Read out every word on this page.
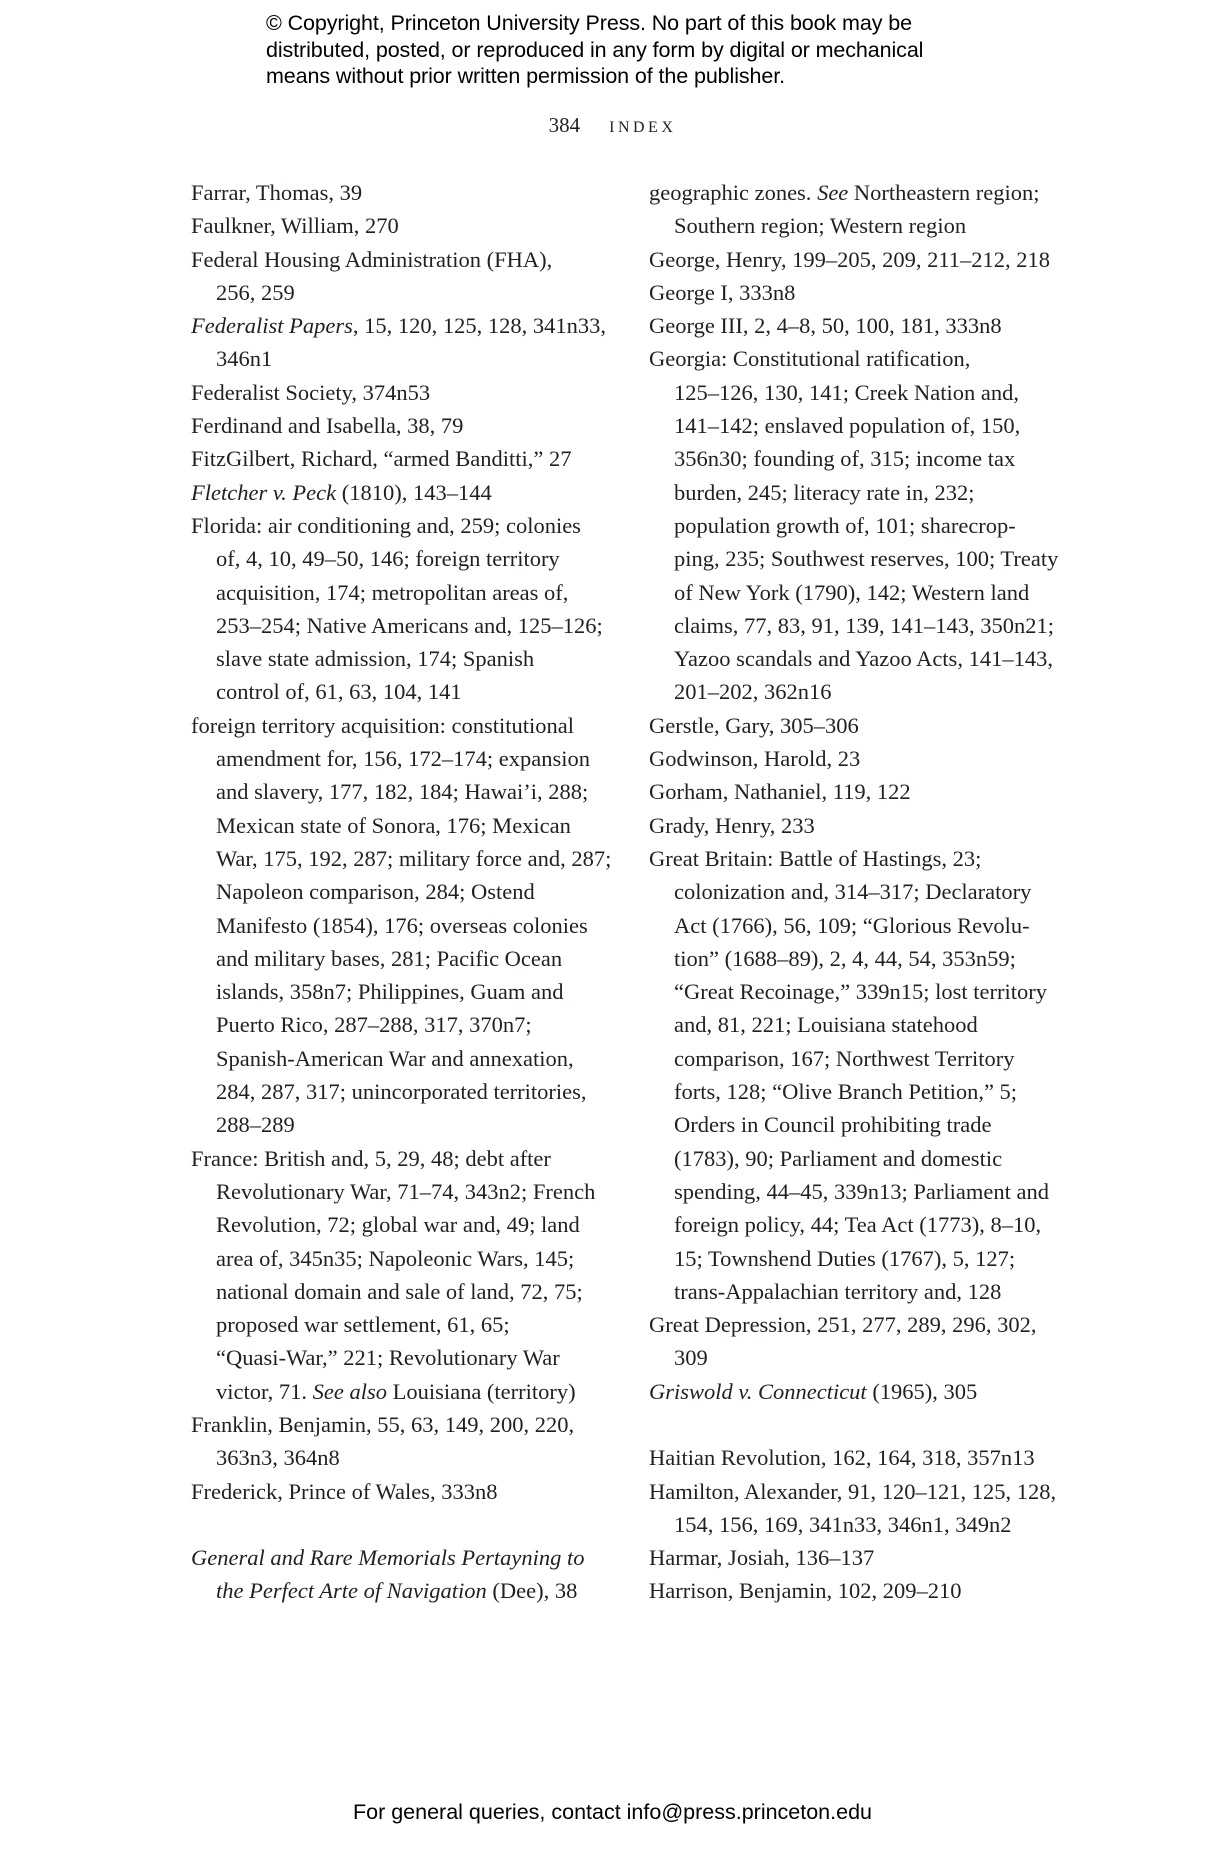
© Copyright, Princeton University Press. No part of this book may be
distributed, posted, or reproduced in any form by digital or mechanical
means without prior written permission of the publisher.
384 INDEX
Farrar, Thomas, 39
Faulkner, William, 270
Federal Housing Administration (FHA),
256, 259
Federalist Papers, 15, 120, 125, 128, 341n33,
346n1
Federalist Society, 374n53
Ferdinand and Isabella, 38, 79
FitzGilbert, Richard, “armed Banditti,” 27
Fletcher v. Peck (1810), 143–144
Florida: air conditioning and, 259; colonies
of, 4, 10, 49–50, 146; foreign territory
acquisition, 174; metropolitan areas of,
253–254; Native Americans and, 125–126;
slave state admission, 174; Spanish
control of, 61, 63, 104, 141
foreign territory acquisition: constitutional
amendment for, 156, 172–174; expansion
and slavery, 177, 182, 184; Hawai’i, 288;
Mexican state of Sonora, 176; Mexican
War, 175, 192, 287; military force and, 287;
Napoleon comparison, 284; Ostend
Manifesto (1854), 176; overseas colonies
and military bases, 281; Pacific Ocean
islands, 358n7; Philippines, Guam and
Puerto Rico, 287–288, 317, 370n7;
Spanish-American War and annexation,
284, 287, 317; unincorporated territories,
288–289
France: British and, 5, 29, 48; debt after
Revolutionary War, 71–74, 343n2; French
Revolution, 72; global war and, 49; land
area of, 345n35; Napoleonic Wars, 145;
national domain and sale of land, 72, 75;
proposed war settlement, 61, 65;
“Quasi-War,” 221; Revolutionary War
victor, 71. See also Louisiana (territory)
Franklin, Benjamin, 55, 63, 149, 200, 220,
363n3, 364n8
Frederick, Prince of Wales, 333n8
General and Rare Memorials Pertayning to
the Perfect Arte of Navigation (Dee), 38
geographic zones. See Northeastern region;
Southern region; Western region
George, Henry, 199–205, 209, 211–212, 218
George I, 333n8
George III, 2, 4–8, 50, 100, 181, 333n8
Georgia: Constitutional ratification,
125–126, 130, 141; Creek Nation and,
141–142; enslaved population of, 150,
356n30; founding of, 315; income tax
burden, 245; literacy rate in, 232;
population growth of, 101; sharecrop-
ping, 235; Southwest reserves, 100; Treaty
of New York (1790), 142; Western land
claims, 77, 83, 91, 139, 141–143, 350n21;
Yazoo scandals and Yazoo Acts, 141–143,
201–202, 362n16
Gerstle, Gary, 305–306
Godwinson, Harold, 23
Gorham, Nathaniel, 119, 122
Grady, Henry, 233
Great Britain: Battle of Hastings, 23;
colonization and, 314–317; Declaratory
Act (1766), 56, 109; “Glorious Revolu-
tion” (1688–89), 2, 4, 44, 54, 353n59;
“Great Recoinage,” 339n15; lost territory
and, 81, 221; Louisiana statehood
comparison, 167; Northwest Territory
forts, 128; “Olive Branch Petition,” 5;
Orders in Council prohibiting trade
(1783), 90; Parliament and domestic
spending, 44–45, 339n13; Parliament and
foreign policy, 44; Tea Act (1773), 8–10,
15; Townshend Duties (1767), 5, 127;
trans-Appalachian territory and, 128
Great Depression, 251, 277, 289, 296, 302,
309
Griswold v. Connecticut (1965), 305
Haitian Revolution, 162, 164, 318, 357n13
Hamilton, Alexander, 91, 120–121, 125, 128,
154, 156, 169, 341n33, 346n1, 349n2
Harmar, Josiah, 136–137
Harrison, Benjamin, 102, 209–210
For general queries, contact info@press.princeton.edu
